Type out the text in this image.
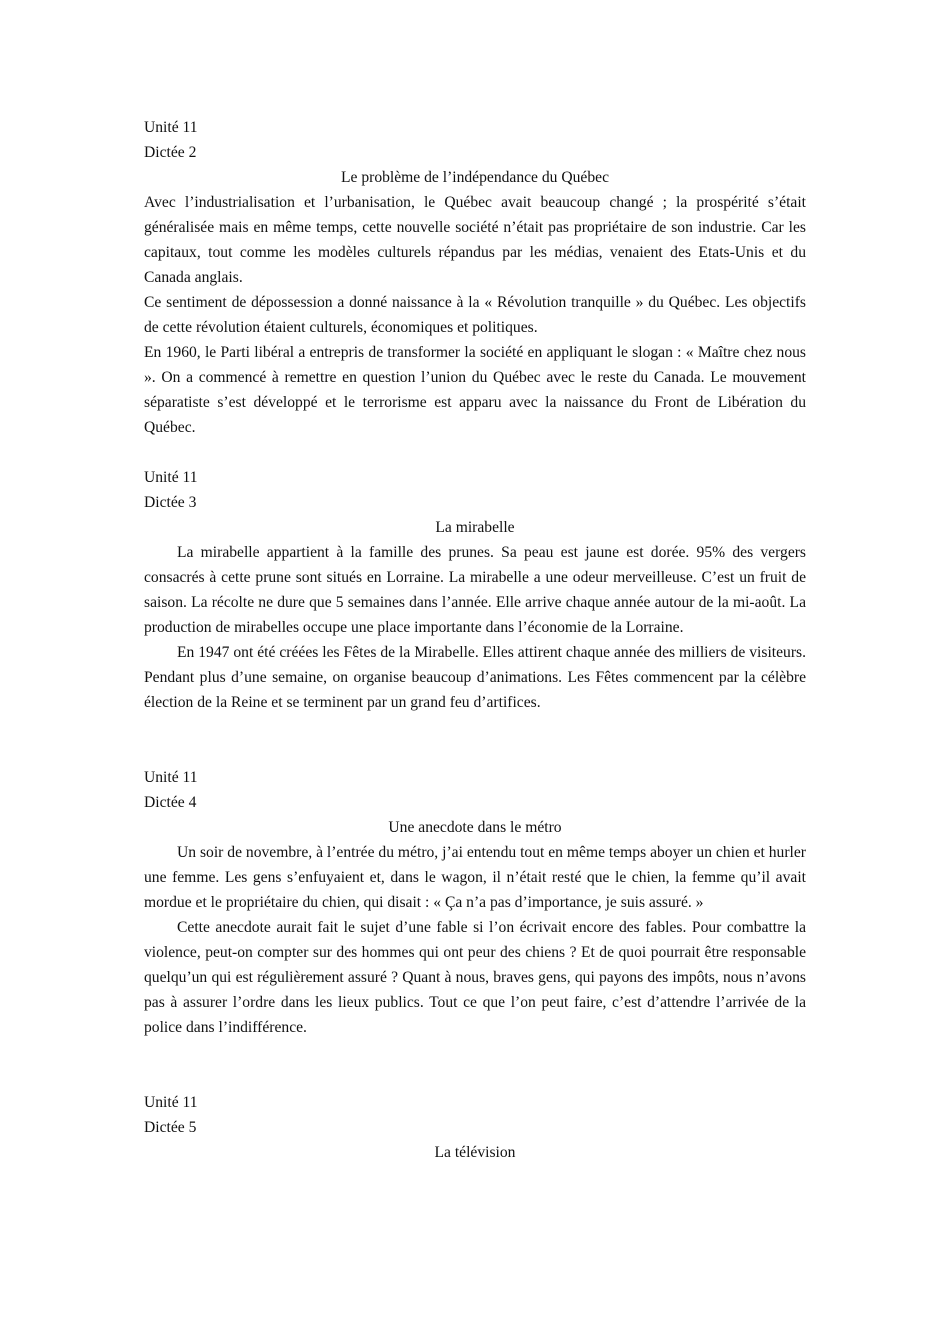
Unité 11
Dictée 2
Le problème de l’indépendance du Québec

Avec l’industrialisation et l’urbanisation, le Québec avait beaucoup changé ; la prospérité s’était généralisée mais en même temps, cette nouvelle société n’était pas propriétaire de son industrie. Car les capitaux, tout comme les modèles culturels répandus par les médias, venaient des Etats-Unis et du Canada anglais.

Ce sentiment de dépossession a donné naissance à la « Révolution tranquille » du Québec. Les objectifs de cette révolution étaient culturels, économiques et politiques.

En 1960, le Parti libéral a entrepris de transformer la société en appliquant le slogan : « Maître chez nous ». On a commencé à remettre en question l’union du Québec avec le reste du Canada. Le mouvement séparatiste s’est développé et le terrorisme est apparu avec la naissance du Front de Libération du Québec.

Unité 11
Dictée 3
La mirabelle

La mirabelle appartient à la famille des prunes. Sa peau est jaune est dorée. 95% des vergers consacrés à cette prune sont situés en Lorraine. La mirabelle a une odeur merveilleuse. C’est un fruit de saison. La récolte ne dure que 5 semaines dans l’année. Elle arrive chaque année autour de la mi-août. La production de mirabelles occupe une place importante dans l’économie de la Lorraine.

En 1947 ont été créées les Fêtes de la Mirabelle. Elles attirent chaque année des milliers de visiteurs. Pendant plus d’une semaine, on organise beaucoup d’animations. Les Fêtes commencent par la célèbre élection de la Reine et se terminent par un grand feu d’artifices.

Unité 11
Dictée 4
Une anecdote dans le métro

Un soir de novembre, à l’entrée du métro, j’ai entendu tout en même temps aboyer un chien et hurler une femme. Les gens s’enfuyaient et, dans le wagon, il n’était resté que le chien, la femme qu’il avait mordue et le propriétaire du chien, qui disait : « Ça n’a pas d’importance, je suis assuré. »

Cette anecdote aurait fait le sujet d’une fable si l’on écrivait encore des fables. Pour combattre la violence, peut-on compter sur des hommes qui ont peur des chiens ? Et de quoi pourrait être responsable quelqu’un qui est régulièrement assuré ? Quant à nous, braves gens, qui payons des impôts, nous n’avons pas à assurer l’ordre dans les lieux publics. Tout ce que l’on peut faire, c’est d’attendre l’arrivée de la police dans l’indifférence.

Unité 11
Dictée 5
La télévision
